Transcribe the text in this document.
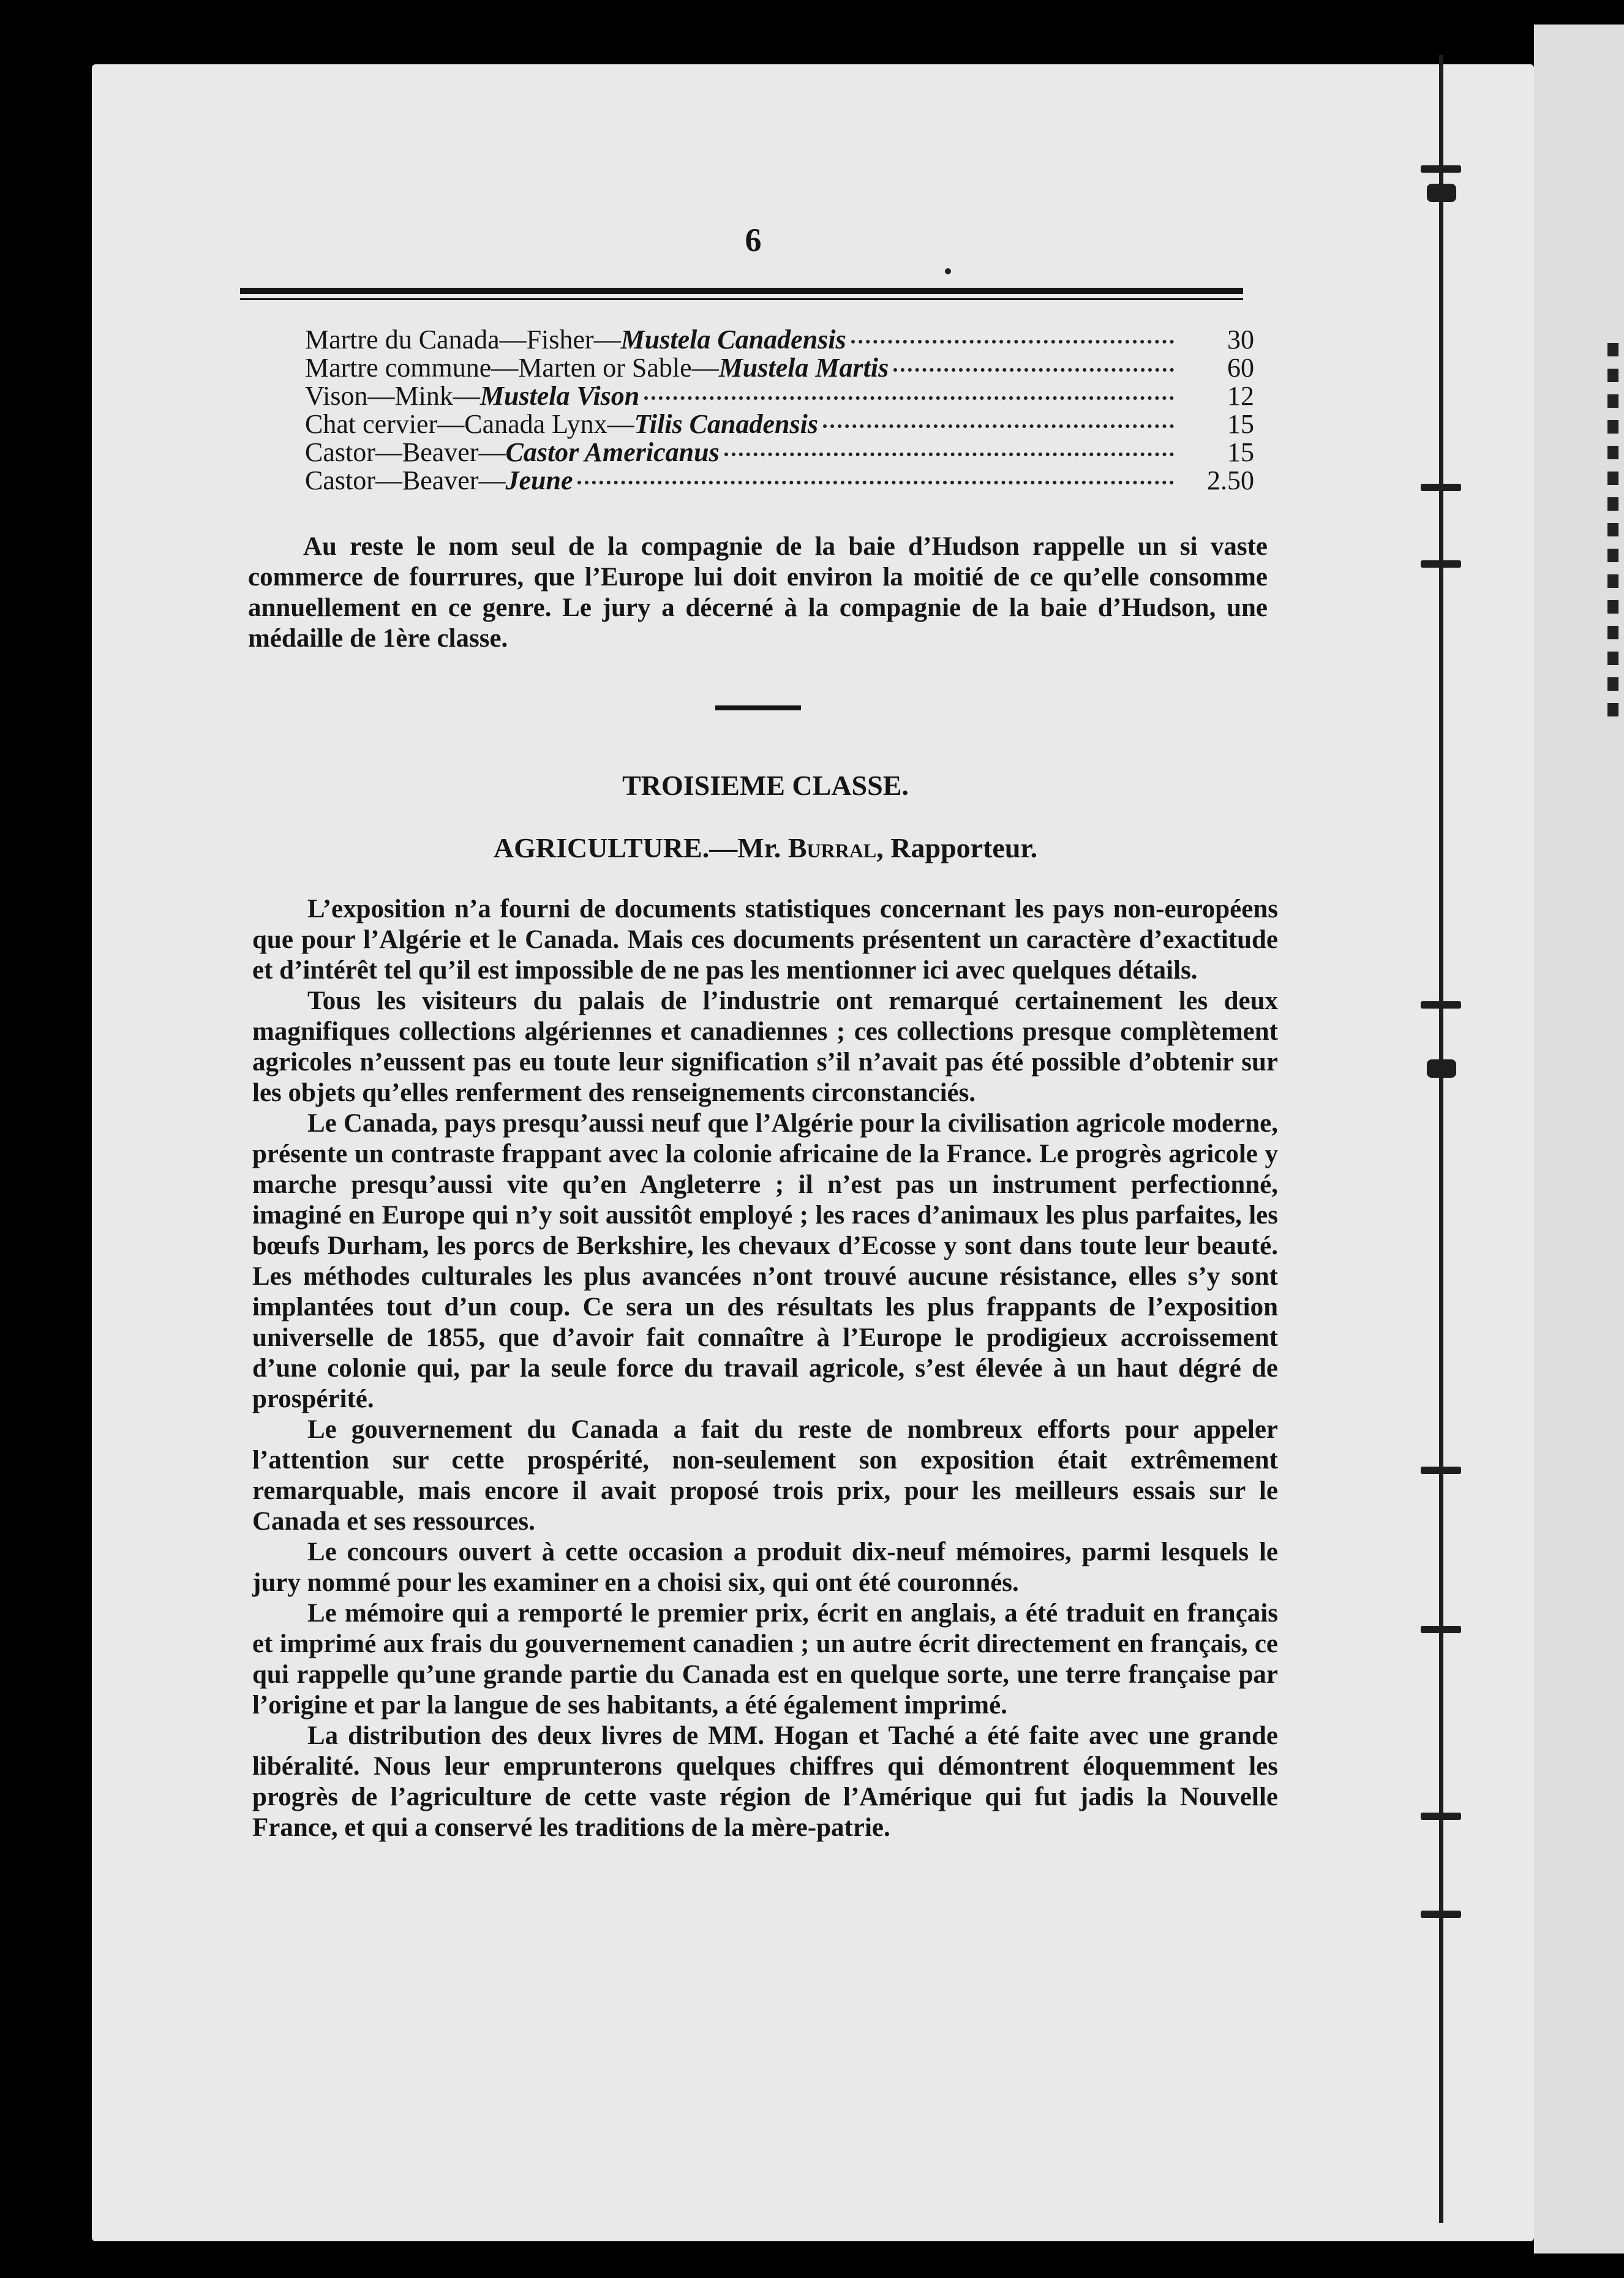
6
Martre du Canada—Fisher—Mustela Canadensis	30
Martre commune—Marten or Sable—Mustela Martis	60
Vison—Mink—Mustela Vison	12
Chat cervier—Canada Lynx—Tilis Canadensis	15
Castor—Beaver—Castor Americanus	15
Castor—Beaver—Jeune	2.50

Au reste le nom seul de la compagnie de la baie d’Hudson rappelle un si vaste commerce de fourrures, que l’Europe lui doit environ la moitié de ce qu’elle consomme annuellement en ce genre. Le jury a décerné à la compagnie de la baie d’Hudson, une médaille de 1ère classe.

TROISIEME CLASSE.
AGRICULTURE.—Mr. Burral, Rapporteur.

L’exposition n’a fourni de documents statistiques concernant les pays non-européens que pour l’Algérie et le Canada. Mais ces documents présentent un caractère d’exactitude et d’intérêt tel qu’il est impossible de ne pas les mentionner ici avec quelques détails.

Tous les visiteurs du palais de l’industrie ont remarqué certainement les deux magnifiques collections algériennes et canadiennes ; ces collections presque complètement agricoles n’eussent pas eu toute leur signification s’il n’avait pas été possible d’obtenir sur les objets qu’elles renferment des renseignements circonstanciés.

Le Canada, pays presqu’aussi neuf que l’Algérie pour la civilisation agricole moderne, présente un contraste frappant avec la colonie africaine de la France. Le progrès agricole y marche presqu’aussi vite qu’en Angleterre ; il n’est pas un instrument perfectionné, imaginé en Europe qui n’y soit aussitôt employé ; les races d’animaux les plus parfaites, les bœufs Durham, les porcs de Berkshire, les chevaux d’Ecosse y sont dans toute leur beauté. Les méthodes culturales les plus avancées n’ont trouvé aucune résistance, elles s’y sont implantées tout d’un coup. Ce sera un des résultats les plus frappants de l’exposition universelle de 1855, que d’avoir fait connaître à l’Europe le prodigieux accroissement d’une colonie qui, par la seule force du travail agricole, s’est élevée à un haut dégré de prospérité.

Le gouvernement du Canada a fait du reste de nombreux efforts pour appeler l’attention sur cette prospérité, non-seulement son exposition était extrêmement remarquable, mais encore il avait proposé trois prix, pour les meilleurs essais sur le Canada et ses ressources.

Le concours ouvert à cette occasion a produit dix-neuf mémoires, parmi lesquels le jury nommé pour les examiner en a choisi six, qui ont été couronnés.

Le mémoire qui a remporté le premier prix, écrit en anglais, a été traduit en français et imprimé aux frais du gouvernement canadien ; un autre écrit directement en français, ce qui rappelle qu’une grande partie du Canada est en quelque sorte, une terre française par l’origine et par la langue de ses habitants, a été également imprimé.

La distribution des deux livres de MM. Hogan et Taché a été faite avec une grande libéralité. Nous leur emprunterons quelques chiffres qui démontrent éloquemment les progrès de l’agriculture de cette vaste région de l’Amérique qui fut jadis la Nouvelle France, et qui a conservé les traditions de la mère-patrie.
